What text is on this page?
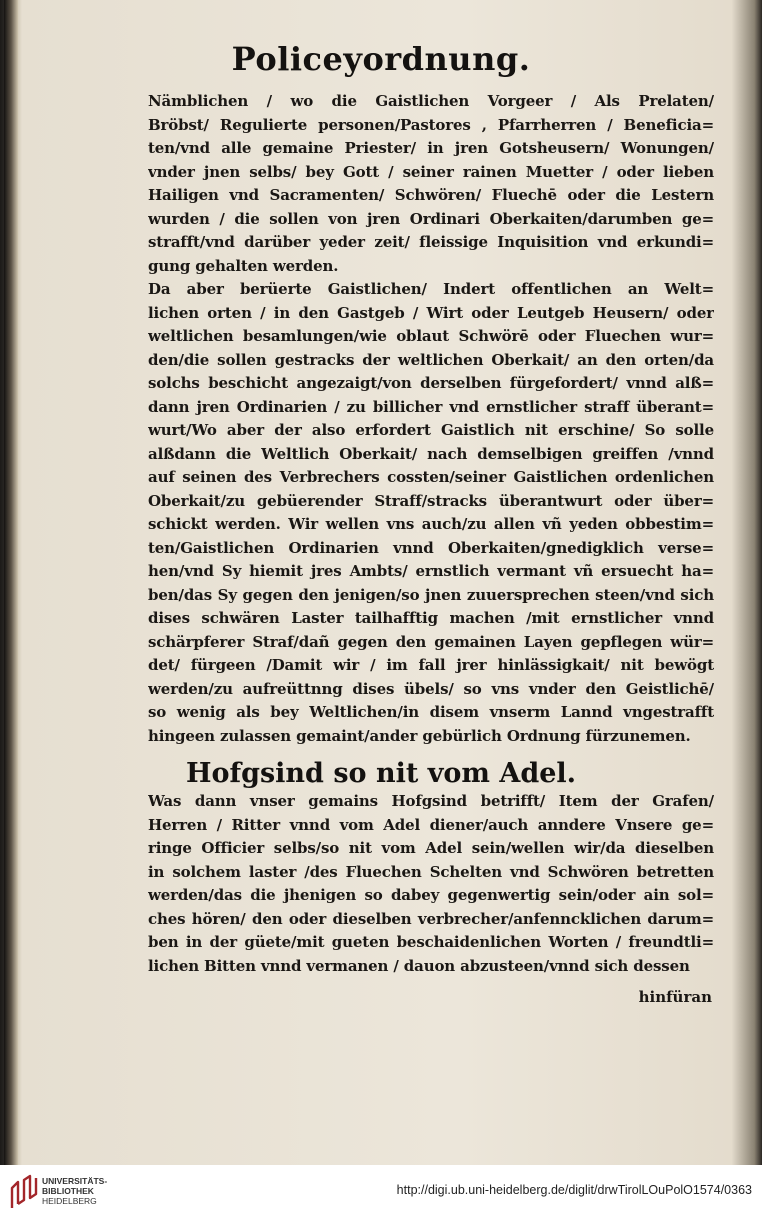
Policeyordnung.
Nämblichen / wo die Gaistlichen Vorgeer / Als Prelaten/
Bröbst/ Regulierte personen/Pastores , Pfarrherren / Beneficia=
ten/vnd alle gemaine Priester/ in jren Gotsheusern/ Wonungen/
vnder jnen selbs/ bey Gott / seiner rainen Muetter / oder lieben
Hailigen vnd Sacramenten/ Schwören/ Fluechē oder die Lestern
wurden / die sollen von jren Ordinari Oberkaiten/darumben ge=
strafft/vnd darüber yeder zeit/ fleissige Inquisition vnd erkundi=
gung gehalten werden.
Da aber berüerte Gaistlichen/ Indert offentlichen an Welt=
lichen orten / in den Gastgeb / Wirt oder Leutgeb Heusern/ oder
weltlichen besamlungen/wie oblaut Schwörē oder Fluechen wur=
den/die sollen gestracks der weltlichen Oberkait/ an den orten/da
solchs beschicht angezaigt/von derselben fürgefordert/ vnnd alß=
dann jren Ordinarien / zu billicher vnd ernstlicher straff überant=
wurt/Wo aber der also erfordert Gaistlich nit erschine/ So solle
alßdann die Weltlich Oberkait/ nach demselbigen greiffen /vnnd
auf seinen des Verbrechers cossten/seiner Gaistlichen ordenlichen
Oberkait/zu gebüerender Straff/stracks überantwurt oder über=
schickt werden. Wir wellen vns auch/zu allen vñ yeden obbestim=
ten/Gaistlichen Ordinarien vnnd Oberkaiten/gnedigklich verse=
hen/vnd Sy hiemit jres Ambts/ ernstlich vermant vñ ersuecht ha=
ben/das Sy gegen den jenigen/so jnen zuuersprechen steen/vnd sich
dises schwären Laster tailhafftig machen /mit ernstlicher vnnd
schärpferer Straf/dañ gegen den gemainen Layen gepflegen wür=
det/ fürgeen /Damit wir / im fall jrer hinlässigkait/ nit bewögt
werden/zu aufreüttnng dises übels/ so vns vnder den Geistlichē/
so wenig als bey Weltlichen/in disem vnserm Lannd vngestrafft
hingeen zulassen gemaint/ander gebürlich Ordnung fürzunemen.
Hofgsind so nit vom Adel.
Was dann vnser gemains Hofgsind betrifft/ Item der Grafen/
Herren / Ritter vnnd vom Adel diener/auch anndere Vnsere ge=
ringe Officier selbs/so nit vom Adel sein/wellen wir/da dieselben
in solchem laster /des Fluechen Schelten vnd Schwören betretten
werden/das die jhenigen so dabey gegenwertig sein/oder ain sol=
ches hören/ den oder dieselben verbrecher/anfenncklichen darum=
ben in der güete/mit gueten beschaidenlichen Worten / freundtli=
lichen Bitten vnnd vermanen / dauon abzusteen/vnnd sich dessen
hinfüran
UNIVERSITÄTS-
BIBLIOTHEK
HEIDELBERG
http://digi.ub.uni-heidelberg.de/diglit/drwTirolLOuPolO1574/0363
